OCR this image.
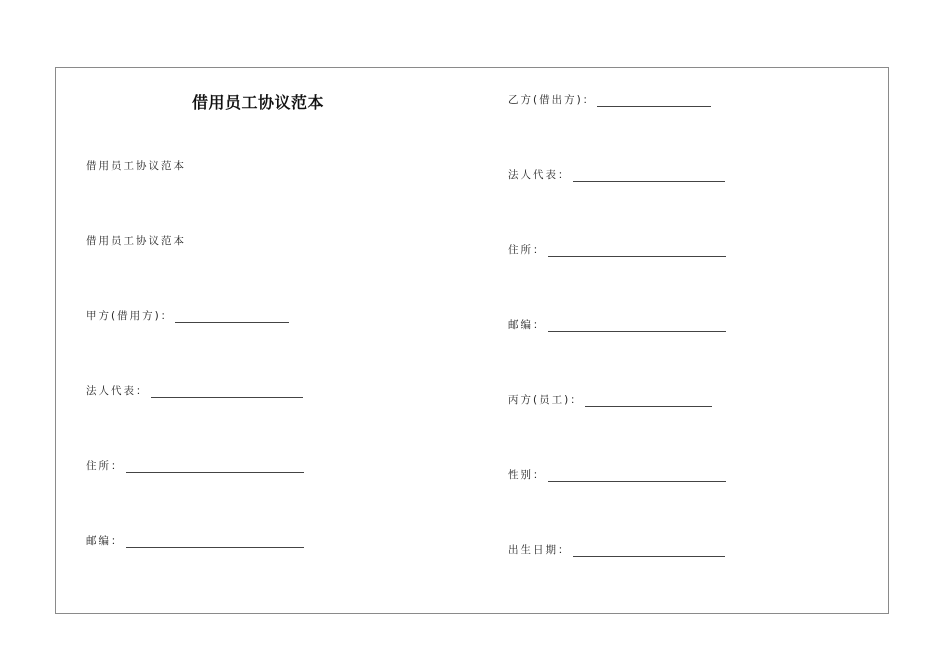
借用员工协议范本
借用员工协议范本
借用员工协议范本
甲方(借用方)：
法人代表：
住所：
邮编：
乙方(借出方)：
法人代表：
住所：
邮编：
丙方(员工)：
性别：
出生日期：
